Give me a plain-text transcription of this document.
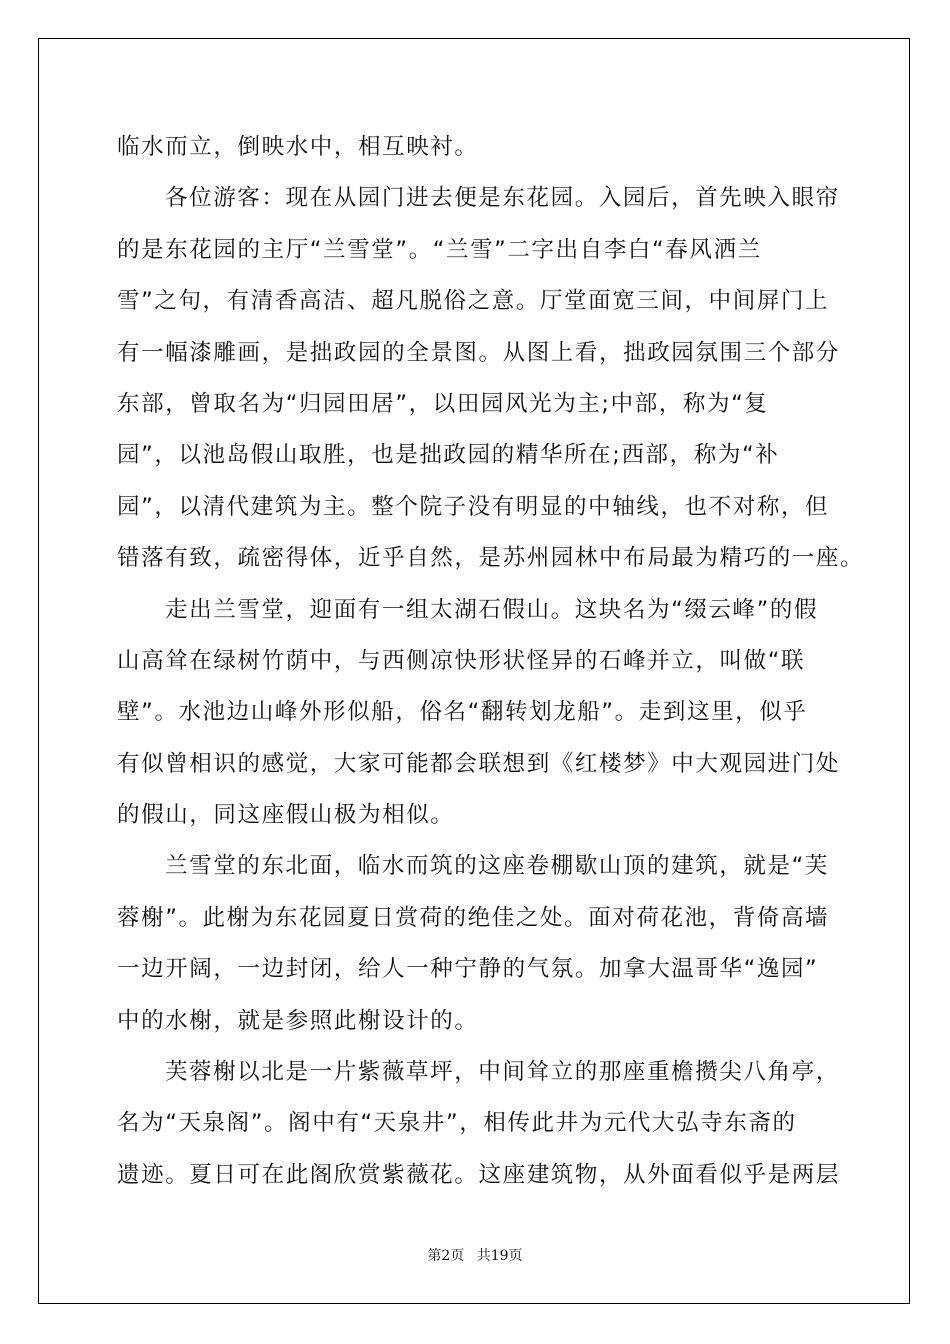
临水而立，倒映水中，相互映衬。
各位游客：现在从园门进去便是东花园。入园后，首先映入眼帘
的是东花园的主厅“兰雪堂”。“兰雪”二字出自李白“春风洒兰
雪”之句，有清香高洁、超凡脱俗之意。厅堂面宽三间，中间屏门上
有一幅漆雕画，是拙政园的全景图。从图上看，拙政园氛围三个部分
东部，曾取名为“归园田居”，以田园风光为主;中部，称为“复
园”，以池岛假山取胜，也是拙政园的精华所在;西部，称为“补
园”，以清代建筑为主。整个院子没有明显的中轴线，也不对称，但
错落有致，疏密得体，近乎自然，是苏州园林中布局最为精巧的一座。
走出兰雪堂，迎面有一组太湖石假山。这块名为“缀云峰”的假
山高耸在绿树竹荫中，与西侧凉快形状怪异的石峰并立，叫做“联
壁”。水池边山峰外形似船，俗名“翻转划龙船”。走到这里，似乎
有似曾相识的感觉，大家可能都会联想到《红楼梦》中大观园进门处
的假山，同这座假山极为相似。
兰雪堂的东北面，临水而筑的这座卷棚歇山顶的建筑，就是“芙
蓉榭”。此榭为东花园夏日赏荷的绝佳之处。面对荷花池，背倚高墙
一边开阔，一边封闭，给人一种宁静的气氛。加拿大温哥华“逸园”
中的水榭，就是参照此榭设计的。
芙蓉榭以北是一片紫薇草坪，中间耸立的那座重檐攒尖八角亭，
名为“天泉阁”。阁中有“天泉井”，相传此井为元代大弘寺东斋的
遗迹。夏日可在此阁欣赏紫薇花。这座建筑物，从外面看似乎是两层
第2页 共19页
